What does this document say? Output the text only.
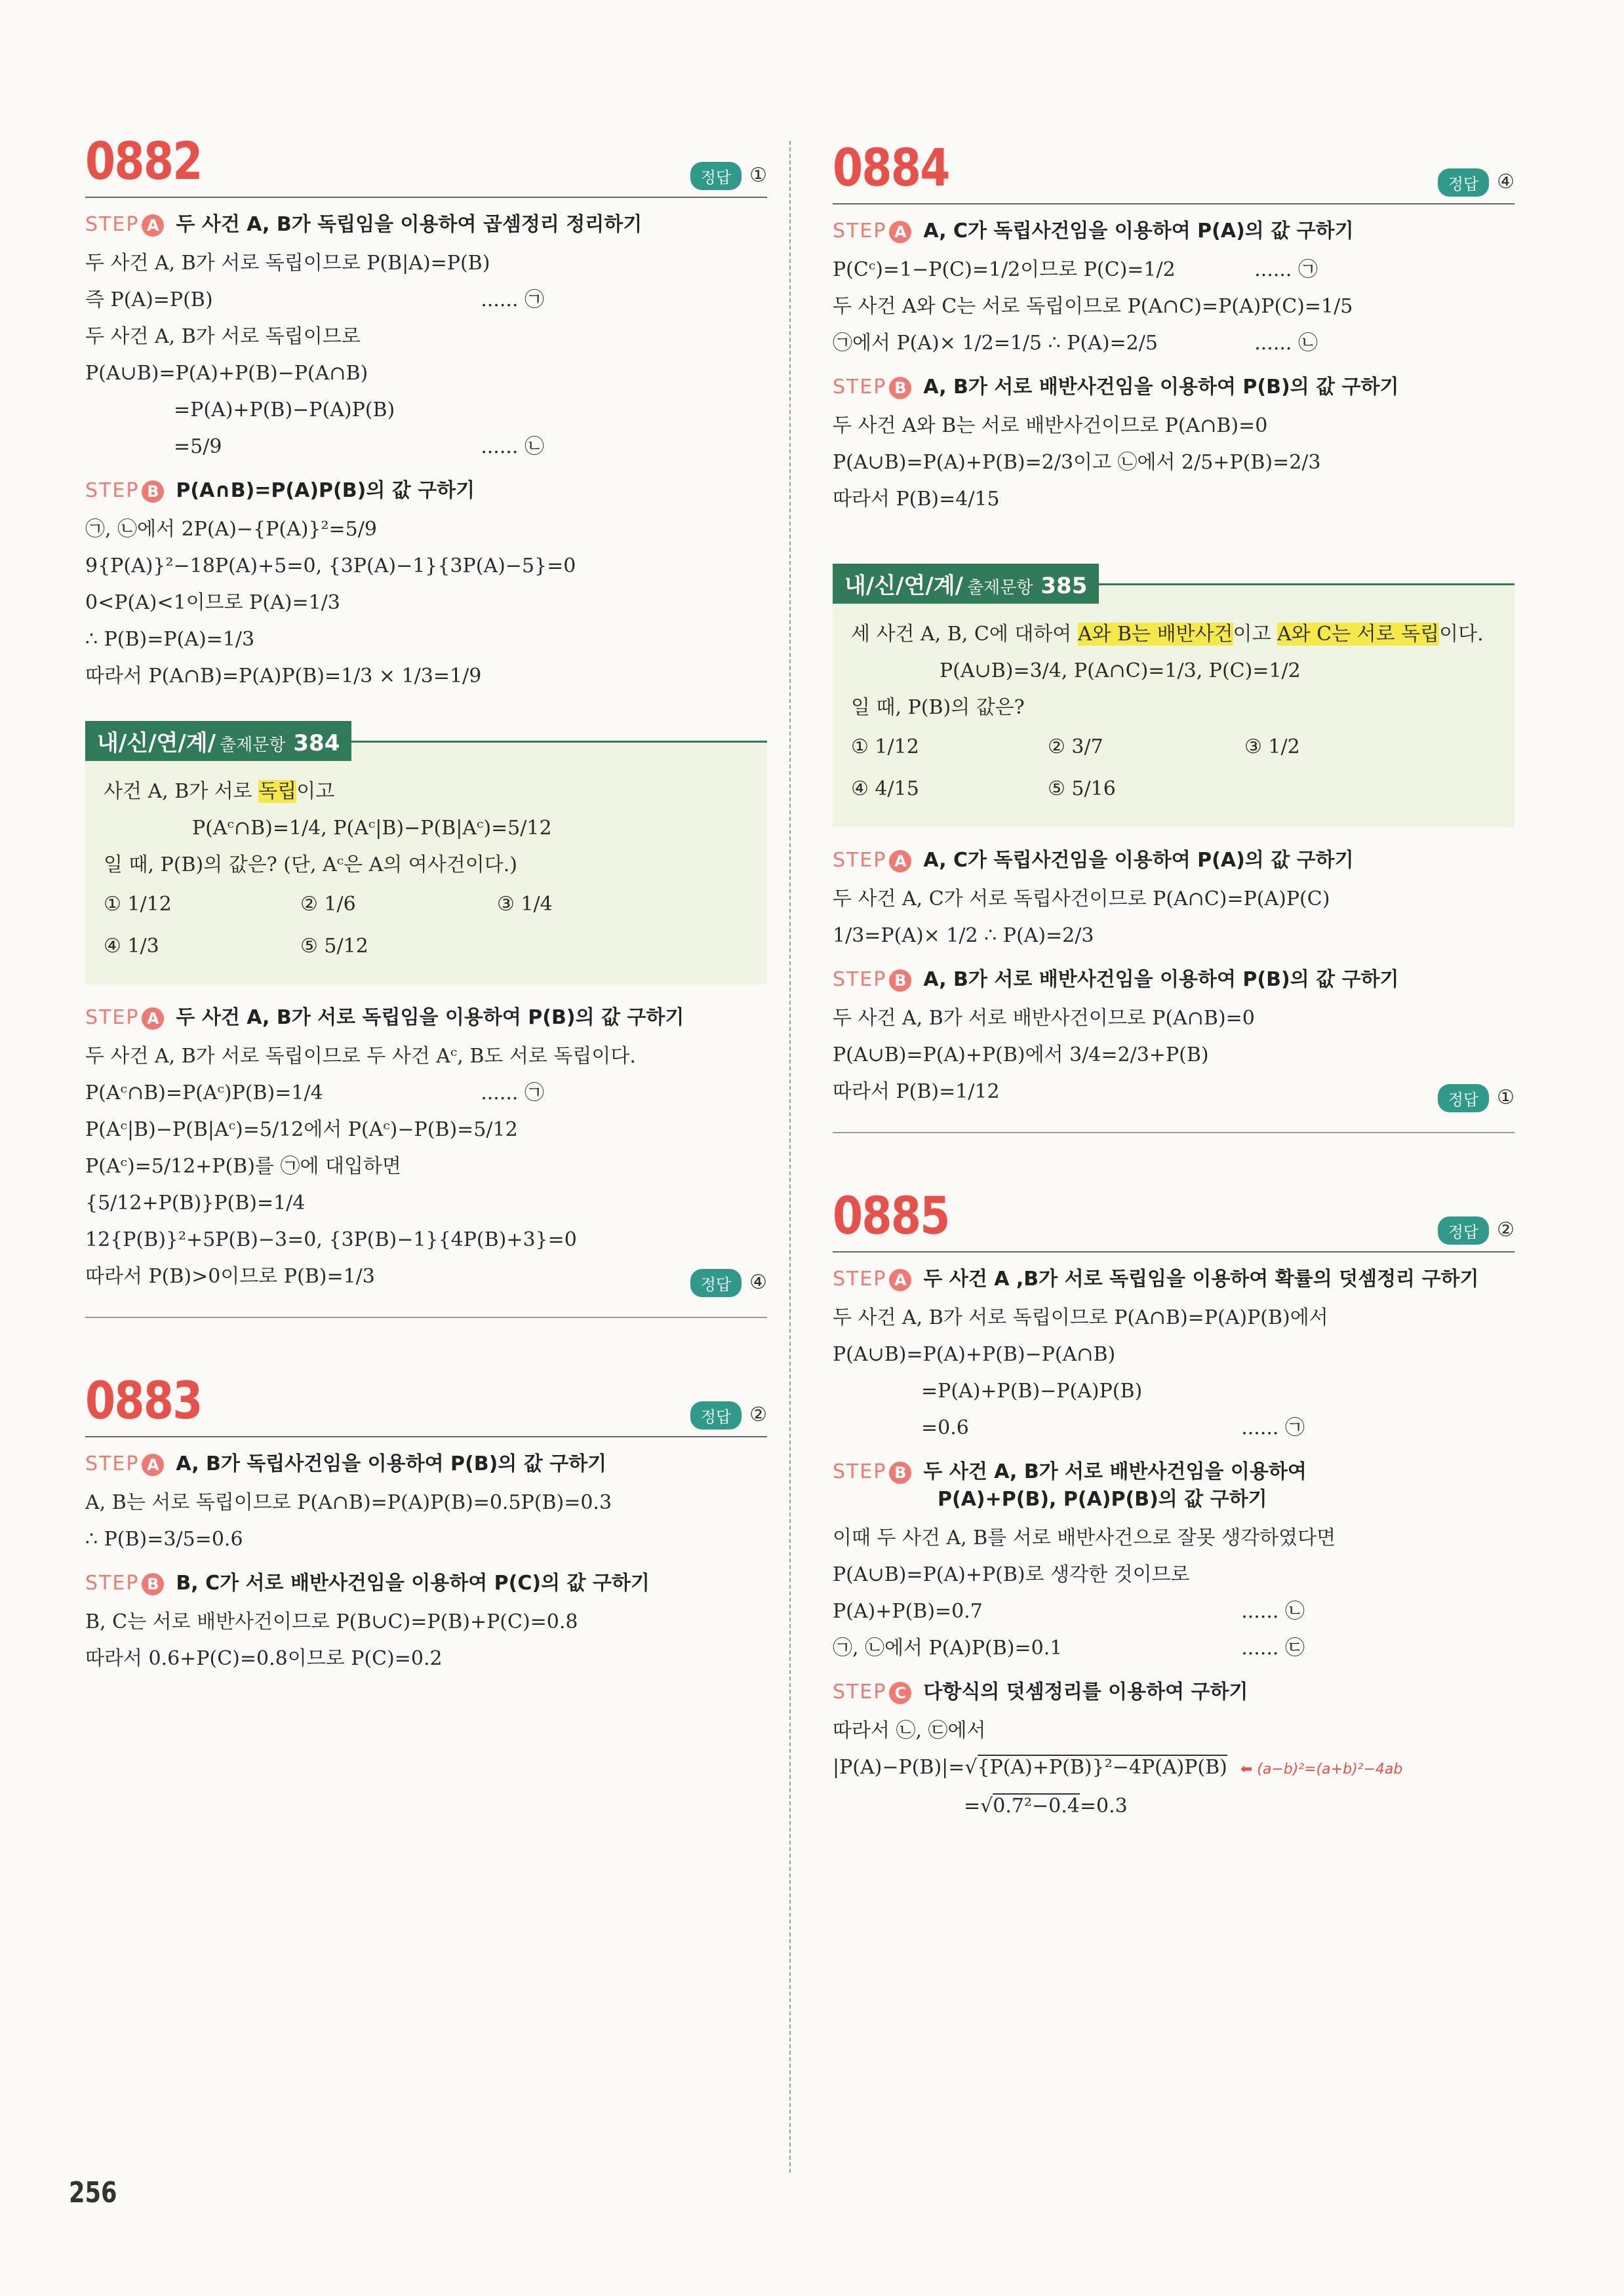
0882	정답 ①
STEP A 두 사건 A, B가 독립임을 이용하여 곱셈정리 정리하기
두 사건 A, B가 서로 독립이므로 P(B|A)=P(B)
즉 P(A)=P(B)	...... ㉠
두 사건 A, B가 서로 독립이므로
P(A∪B)=P(A)+P(B)−P(A∩B)
=P(A)+P(B)−P(A)P(B)
=5/9	...... ㉡
STEP B P(A∩B)=P(A)P(B)의 값 구하기
㉠, ㉡에서 2P(A)−{P(A)}²=5/9
9{P(A)}²−18P(A)+5=0, {3P(A)−1}{3P(A)−5}=0
0<P(A)<1이므로 P(A)=1/3
∴ P(B)=P(A)=1/3
따라서 P(A∩B)=P(A)P(B)=1/3 × 1/3=1/9
내/신/연/계/ 출제문항 384
사건 A, B가 서로 독립이고
P(Aᶜ∩B)=1/4, P(Aᶜ|B)−P(B|Aᶜ)=5/12
일 때, P(B)의 값은? (단, Aᶜ은 A의 여사건이다.)
① 1/12	② 1/6	③ 1/4
④ 1/3	⑤ 5/12
STEP A 두 사건 A, B가 서로 독립임을 이용하여 P(B)의 값 구하기
두 사건 A, B가 서로 독립이므로 두 사건 Aᶜ, B도 서로 독립이다.
P(Aᶜ∩B)=P(Aᶜ)P(B)=1/4	...... ㉠
P(Aᶜ|B)−P(B|Aᶜ)=5/12에서 P(Aᶜ)−P(B)=5/12
P(Aᶜ)=5/12+P(B)를 ㉠에 대입하면
{5/12+P(B)}P(B)=1/4
12{P(B)}²+5P(B)−3=0, {3P(B)−1}{4P(B)+3}=0
따라서 P(B)>0이므로 P(B)=1/3	정답 ④
0883	정답 ②
STEP A A, B가 독립사건임을 이용하여 P(B)의 값 구하기
A, B는 서로 독립이므로 P(A∩B)=P(A)P(B)=0.5P(B)=0.3
∴ P(B)=3/5=0.6
STEP B B, C가 서로 배반사건임을 이용하여 P(C)의 값 구하기
B, C는 서로 배반사건이므로 P(B∪C)=P(B)+P(C)=0.8
따라서 0.6+P(C)=0.8이므로 P(C)=0.2
0884	정답 ④
STEP A A, C가 독립사건임을 이용하여 P(A)의 값 구하기
P(Cᶜ)=1−P(C)=1/2이므로 P(C)=1/2	...... ㉠
두 사건 A와 C는 서로 독립이므로 P(A∩C)=P(A)P(C)=1/5
㉠에서 P(A)× 1/2=1/5 ∴ P(A)=2/5	...... ㉡
STEP B A, B가 서로 배반사건임을 이용하여 P(B)의 값 구하기
두 사건 A와 B는 서로 배반사건이므로 P(A∩B)=0
P(A∪B)=P(A)+P(B)=2/3이고 ㉡에서 2/5+P(B)=2/3
따라서 P(B)=4/15
내/신/연/계/ 출제문항 385
세 사건 A, B, C에 대하여 A와 B는 배반사건이고 A와 C는 서로 독립이다.
P(A∪B)=3/4, P(A∩C)=1/3, P(C)=1/2
일 때, P(B)의 값은?
① 1/12	② 3/7	③ 1/2
④ 4/15	⑤ 5/16
STEP A A, C가 독립사건임을 이용하여 P(A)의 값 구하기
두 사건 A, C가 서로 독립사건이므로 P(A∩C)=P(A)P(C)
1/3=P(A)× 1/2 ∴ P(A)=2/3
STEP B A, B가 서로 배반사건임을 이용하여 P(B)의 값 구하기
두 사건 A, B가 서로 배반사건이므로 P(A∩B)=0
P(A∪B)=P(A)+P(B)에서 3/4=2/3+P(B)
따라서 P(B)=1/12	정답 ①
0885	정답 ②
STEP A 두 사건 A ,B가 서로 독립임을 이용하여 확률의 덧셈정리 구하기
두 사건 A, B가 서로 독립이므로 P(A∩B)=P(A)P(B)에서
P(A∪B)=P(A)+P(B)−P(A∩B)
=P(A)+P(B)−P(A)P(B)
=0.6	...... ㉠
STEP B 두 사건 A, B가 서로 배반사건임을 이용하여
P(A)+P(B), P(A)P(B)의 값 구하기
이때 두 사건 A, B를 서로 배반사건으로 잘못 생각하였다면
P(A∪B)=P(A)+P(B)로 생각한 것이므로
P(A)+P(B)=0.7	...... ㉡
㉠, ㉡에서 P(A)P(B)=0.1	...... ㉢
STEP C 다항식의 덧셈정리를 이용하여 구하기
따라서 ㉡, ㉢에서
|P(A)−P(B)|=√{P(A)+P(B)}²−4P(A)P(B) ⬅ (a−b)²=(a+b)²−4ab
=√0.7²−0.4=0.3
256
